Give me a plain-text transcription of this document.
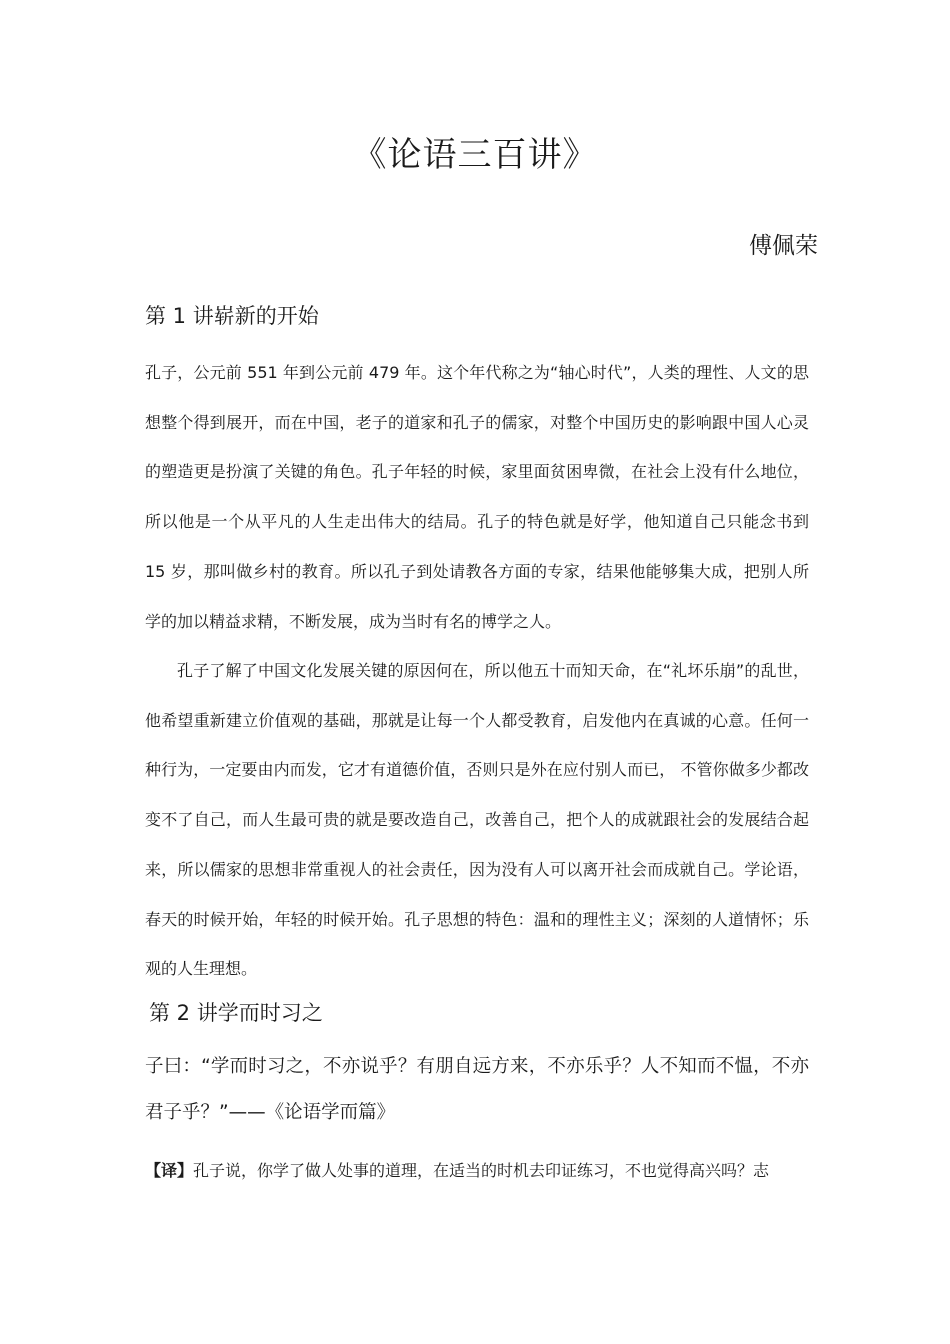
《论语三百讲》
傅佩荣
第 1 讲崭新的开始

孔子，公元前 551 年到公元前 479 年。这个年代称之为“轴心时代”，人类的理性、人文的思想整个得到展开，而在中国，老子的道家和孔子的儒家，对整个中国历史的影响跟中国人心灵的塑造更是扮演了关键的角色。孔子年轻的时候，家里面贫困卑微，在社会上没有什么地位，所以他是一个从平凡的人生走出伟大的结局。孔子的特色就是好学，他知道自己只能念书到 15 岁，那叫做乡村的教育。所以孔子到处请教各方面的专家，结果他能够集大成，把别人所学的加以精益求精，不断发展，成为当时有名的博学之人。

孔子了解了中国文化发展关键的原因何在，所以他五十而知天命，在“礼坏乐崩”的乱世，他希望重新建立价值观的基础，那就是让每一个人都受教育，启发他内在真诚的心意。任何一种行为，一定要由内而发，它才有道德价值，否则只是外在应付别人而已， 不管你做多少都改变不了自己，而人生最可贵的就是要改造自己，改善自己，把个人的成就跟社会的发展结合起来，所以儒家的思想非常重视人的社会责任，因为没有人可以离开社会而成就自己。学论语，春天的时候开始，年轻的时候开始。孔子思想的特色：温和的理性主义；深刻的人道情怀；乐观的人生理想。

第 2 讲学而时习之

子曰：“学而时习之，不亦说乎？有朋自远方来，不亦乐乎？人不知而不愠，不亦君子乎？”——《论语学而篇》

【译】孔子说，你学了做人处事的道理，在适当的时机去印证练习，不也觉得高兴吗？志
